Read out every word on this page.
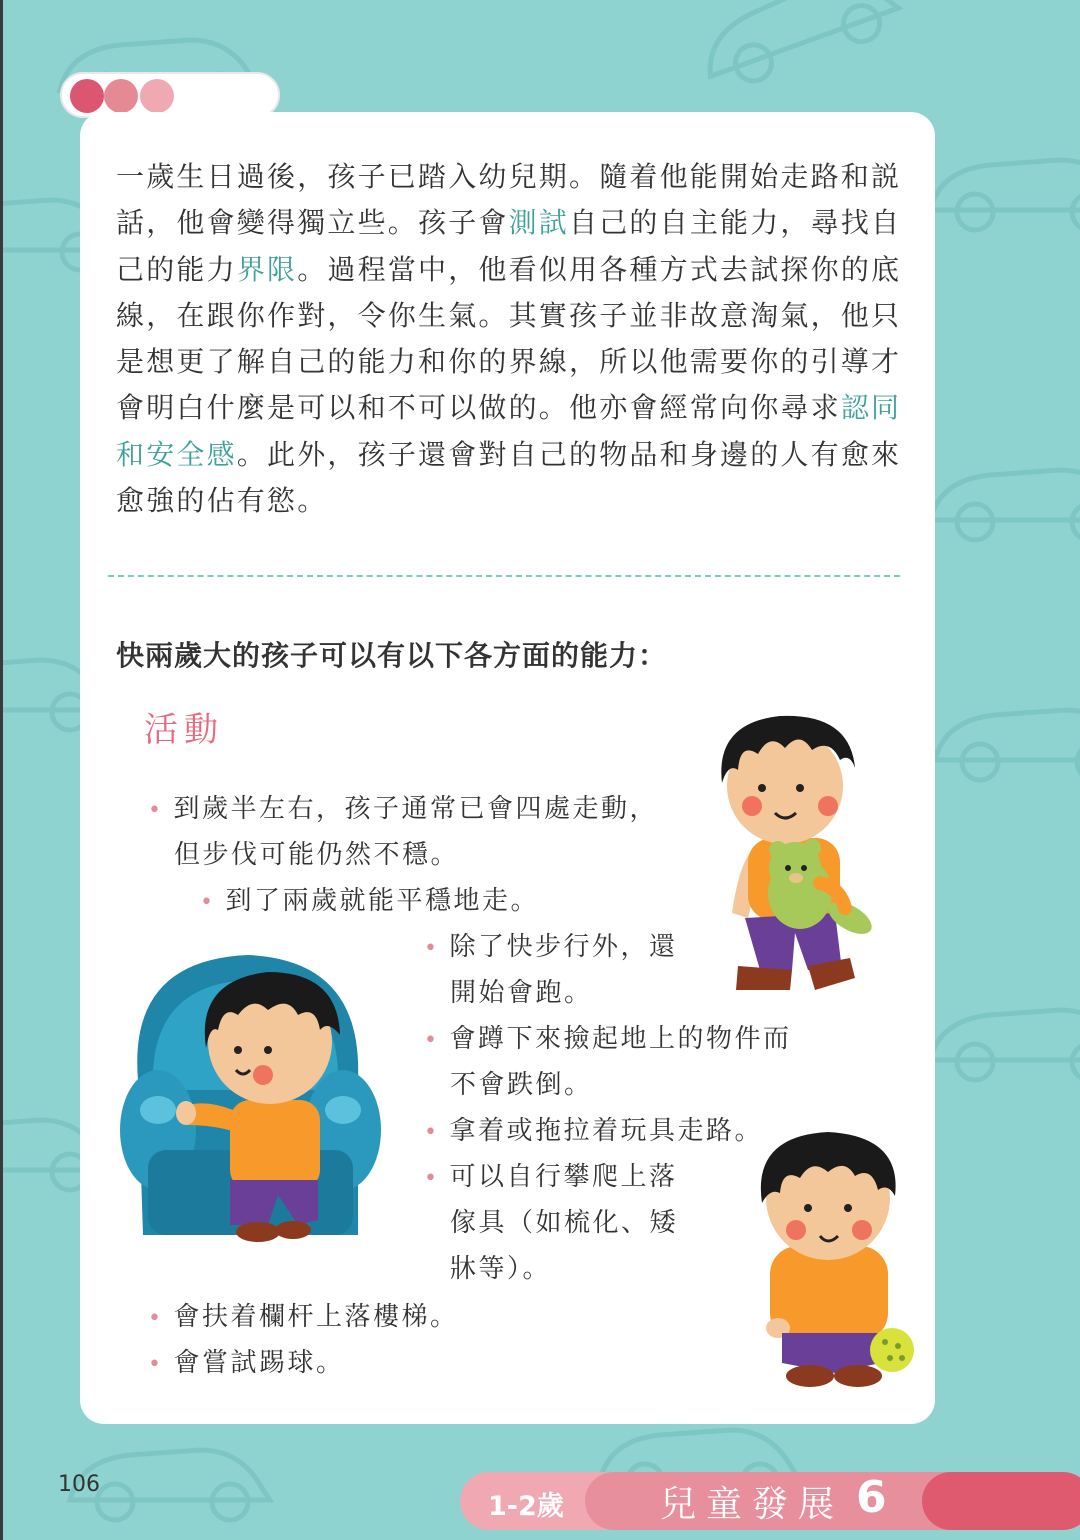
一歲生日過後，孩子已踏入幼兒期。隨着他能開始走路和説話，他會變得獨立些。孩子會測試自己的自主能力，尋找自己的能力界限。過程當中，他看似用各種方式去試探你的底線，在跟你作對，令你生氣。其實孩子並非故意淘氣，他只是想更了解自己的能力和你的界線，所以他需要你的引導才會明白什麼是可以和不可以做的。他亦會經常向你尋求認同和安全感。此外，孩子還會對自己的物品和身邊的人有愈來愈強的佔有慾。

快兩歲大的孩子可以有以下各方面的能力：
活動
• 到歲半左右，孩子通常已會四處走動，
但步伐可能仍然不穩。
• 到了兩歲就能平穩地走。
• 除了快步行外，還
開始會跑。
• 會蹲下來撿起地上的物件而
不會跌倒。
• 拿着或拖拉着玩具走路。
• 可以自行攀爬上落
傢具（如梳化、矮
牀等）。
• 會扶着欄杆上落樓梯。
• 會嘗試踢球。
106
1-2歲	兒童發展 6
